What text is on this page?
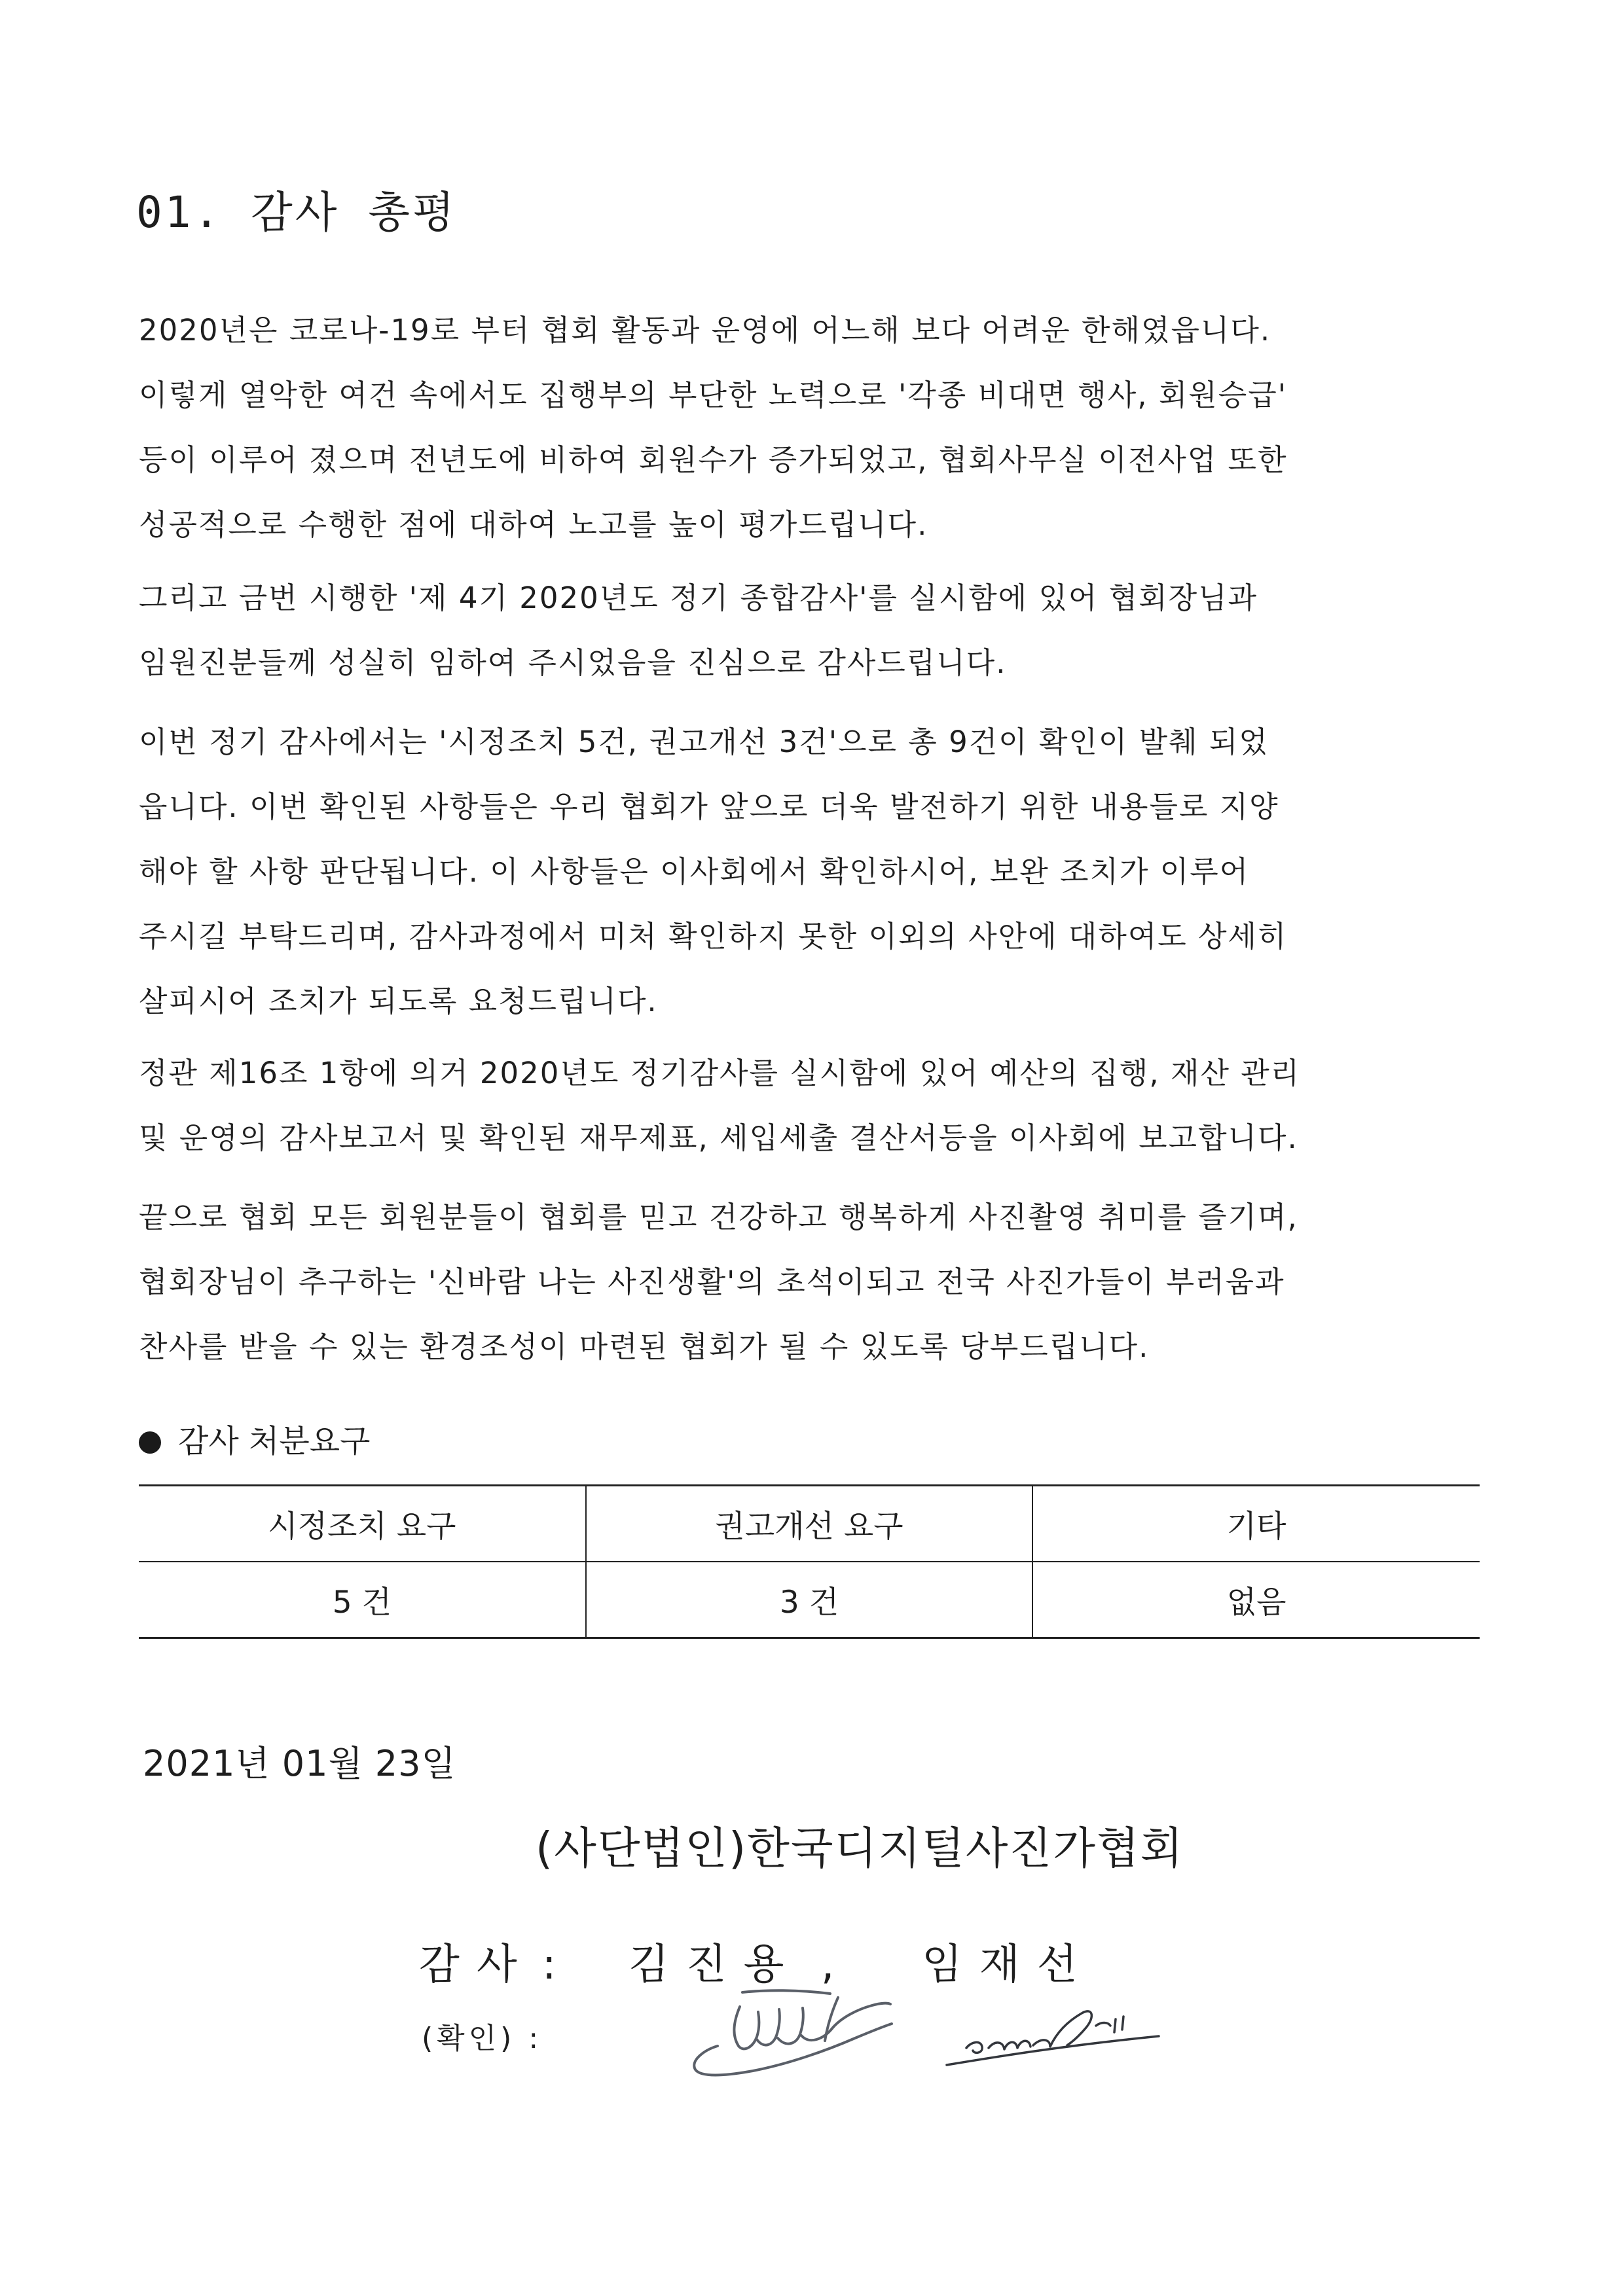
01. 감사 총평
2020년은 코로나-19로 부터 협회 활동과 운영에 어느해 보다 어려운 한해였읍니다.
이렇게 열악한 여건 속에서도 집행부의 부단한 노력으로 '각종 비대면 행사, 회원승급'
등이 이루어 졌으며 전년도에 비하여 회원수가 증가되었고, 협회사무실 이전사업 또한
성공적으로 수행한 점에 대하여 노고를 높이 평가드립니다.
그리고 금번 시행한 '제 4기 2020년도 정기 종합감사'를 실시함에 있어 협회장님과
임원진분들께 성실히 임하여 주시었음을 진심으로 감사드립니다.
이번 정기 감사에서는 '시정조치 5건, 권고개선 3건'으로 총 9건이 확인이 발췌 되었
읍니다. 이번 확인된 사항들은 우리 협회가 앞으로 더욱 발전하기 위한 내용들로 지양
해야 할 사항 판단됩니다. 이 사항들은 이사회에서 확인하시어, 보완 조치가 이루어
주시길 부탁드리며, 감사과정에서 미처 확인하지 못한 이외의 사안에 대하여도 상세히
살피시어 조치가 되도록 요청드립니다.
정관 제16조 1항에 의거 2020년도 정기감사를 실시함에 있어 예산의 집행, 재산 관리
및 운영의 감사보고서 및 확인된 재무제표, 세입세출 결산서등을 이사회에 보고합니다.
끝으로 협회 모든 회원분들이 협회를 믿고 건강하고 행복하게 사진촬영 취미를 즐기며,
협회장님이 추구하는 '신바람 나는 사진생활'의 초석이되고 전국 사진가들이 부러움과
찬사를 받을 수 있는 환경조성이 마련된 협회가 될 수 있도록 당부드립니다.
감사 처분요구
시정조치 요구	권고개선 요구	기타
5 건	3 건	없음
2021년 01월 23일
(사단법인)한국디지털사진가협회
감사 : 김진용 , 임재선
(확인) :
